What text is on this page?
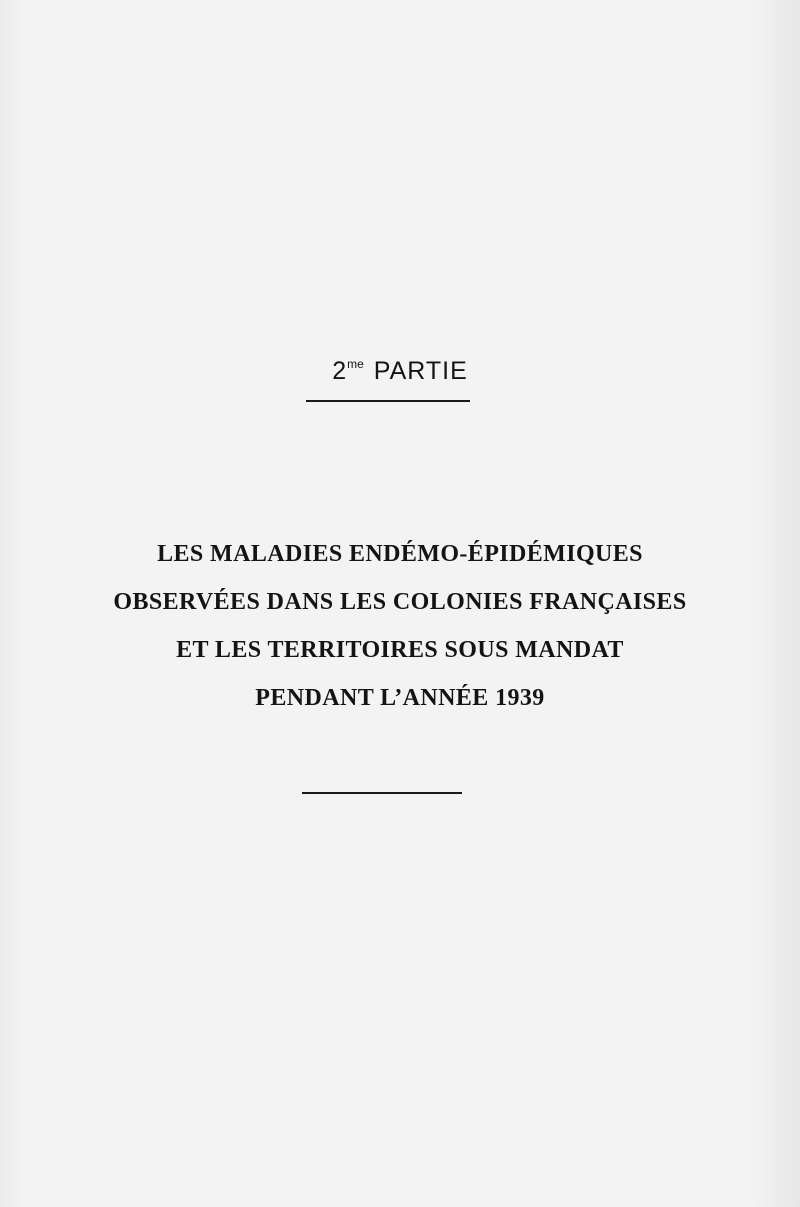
$2^{me}$ PARTIE
LES MALADIES ENDÉMO-ÉPIDÉMIQUES
OBSERVÉES DANS LES COLONIES FRANÇAISES
ET LES TERRITOIRES SOUS MANDAT
PENDANT L’ANNÉE 1939
